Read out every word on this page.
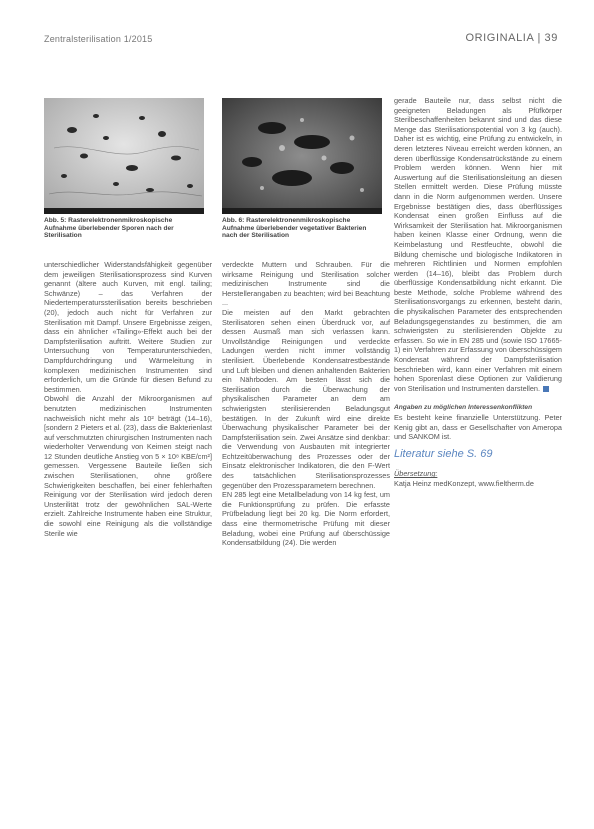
Zentralsterilisation 1/2015	ORIGINALIA | 39
Abb. 5: Rasterelektronenmikroskopische Aufnahme überlebender Sporen nach der Sterilisation
Abb. 6: Rasterelektronenmikroskopische Aufnahme überlebender vegetativer Bakterien nach der Sterilisation

unterschiedlicher Widerstandsfähigkeit gegenüber dem jeweiligen Sterilisationsprozess sind Kurven genannt (ältere auch Kurven, mit engl. tailing; Schwänze) – das Verfahren der Niedertemperaturssterilisation bereits beschrieben (20), jedoch auch nicht für Verfahren zur Sterilisation mit Dampf. Unsere Ergebnisse zeigen, dass ein ähnlicher «Tailing»-Effekt auch bei der Dampfsterilisation auftritt. Weitere Studien zur Untersuchung von Temperaturunterschieden, Dampfdurchdringung und Wärmeleitung in komplexen medizinischen Instrumenten sind erforderlich, um die Gründe für diesen Befund zu bestimmen.

Obwohl die Anzahl der Mikroorganismen auf benutzten medizinischen Instrumenten nachweislich nicht mehr als 10² beträgt (14–16), [sondern 2 Pieters et al. (23), dass die Bakterienlast auf verschmutzten chirurgischen Instrumenten nach wiederholter Verwendung von Keimen steigt nach 12 Stunden deutliche Anstieg von 5 × 10⁸ KBE/cm²] gemessen. Vergessene Bauteile ließen sich zwischen Sterilisationen, ohne größere Schwierigkeiten beschaffen, bei einer fehlerhaften Reinigung vor der Sterilisation wird jedoch deren Unsterilität trotz der gewöhnlichen SAL-Werte erzielt. Zahlreiche Instrumente haben eine Struktur, die sowohl eine Reinigung als die vollständige Sterile wie

verdeckte Muttern und Schrauben. Für die wirksame Reinigung und Sterilisation solcher medizinischen Instrumente sind die Herstellerangaben zu beachten; wird bei Beachtung ...

Die meisten auf den Markt gebrachten Sterilisatoren sehen einen Überdruck vor, auf dessen Ausmaß man sich verlassen kann. Unvollständige Reinigungen und verdeckte Ladungen werden nicht immer vollständig sterilisiert. Überlebende Kondensatrestbestände und Luft bleiben und dienen anhaltenden Bakterien ein Nährboden. Am besten lässt sich die Sterilisation durch die Überwachung der physikalischen Parameter an dem am schwierigsten sterilisierenden Beladungsgut bestätigen. In der Zukunft wird eine direkte Überwachung physikalischer Parameter bei der Dampfsterilisation sein. Zwei Ansätze sind denkbar: die Verwendung von Ausbauten mit integrierter Echtzeitüberwachung des Prozesses oder der Einsatz elektronischer Indikatoren, die den F-Wert des tatsächlichen Sterilisationsprozesses gegenüber den Prozessparametern berechnen.

EN 285 legt eine Metallbeladung von 14 kg fest, um die Funktionsprüfung zu prüfen. Die erfasste Prüfbeladung liegt bei 20 kg. Die Norm erfordert, dass eine thermometrische Prüfung mit dieser Beladung, wobei eine Prüfung auf überschüssige Kondensatbildung (24). Die werden

gerade Bauteile nur, dass selbst nicht die geeigneten Beladungen als Pfüfkörper Sterilbeschaffenheiten bekannt sind und das diese Menge das Sterilisationspotential von 3 kg (auch). Daher ist es wichtig, eine Prüfung zu entwickeln, in deren letzteres Niveau erreicht werden können, an deren überflüssige Kondensatrückstände zu einem Problem werden können. Wenn hier mit Auswertung auf die Sterilisationsleitung an diesen Stellen ermittelt werden. Diese Prüfung müsste dann in die Norm aufgenommen werden. Unsere Ergebnisse bestätigen dies, dass überflüssiges Kondensat einen großen Einfluss auf die Wirksamkeit der Sterilisation hat. Mikroorganismen haben keinen Klasse einer Ordnung, wenn die Keimbelastung und Restfeuchte, obwohl die Bildung chemische und biologische Indikatoren in mehreren Richtlinien und Normen empfohlen werden (14–16), bleibt das Problem durch überflüssige Kondensatbildung nicht erkannt. Die beste Methode, solche Probleme während des Sterilisationsvorgangs zu erkennen, besteht darin, die physikalischen Parameter des entsprechenden Beladungsgegenstandes zu bestimmen, die am schwierigsten zu sterilisierenden Objekte zu erfassen. So wie in EN 285 und (sowie ISO 17665-1) ein Verfahren zur Erfassung von überschüssigem Kondensat während der Dampfsterilisation beschrieben wird, kann einer Verfahren mit einem hohen Sporenlast diese Optionen zur Validierung von Sterilisation und Instrumenten darstellen.

Angaben zu möglichen Interessenkonflikten
Es besteht keine finanzielle Unterstützung. Peter Kenig gibt an, dass er Gesellschafter von Ameropa und SANKOM ist.
Literatur siehe S. 69
Übersetzung:
Katja Heinz medKonzept, www.fieltherm.de
